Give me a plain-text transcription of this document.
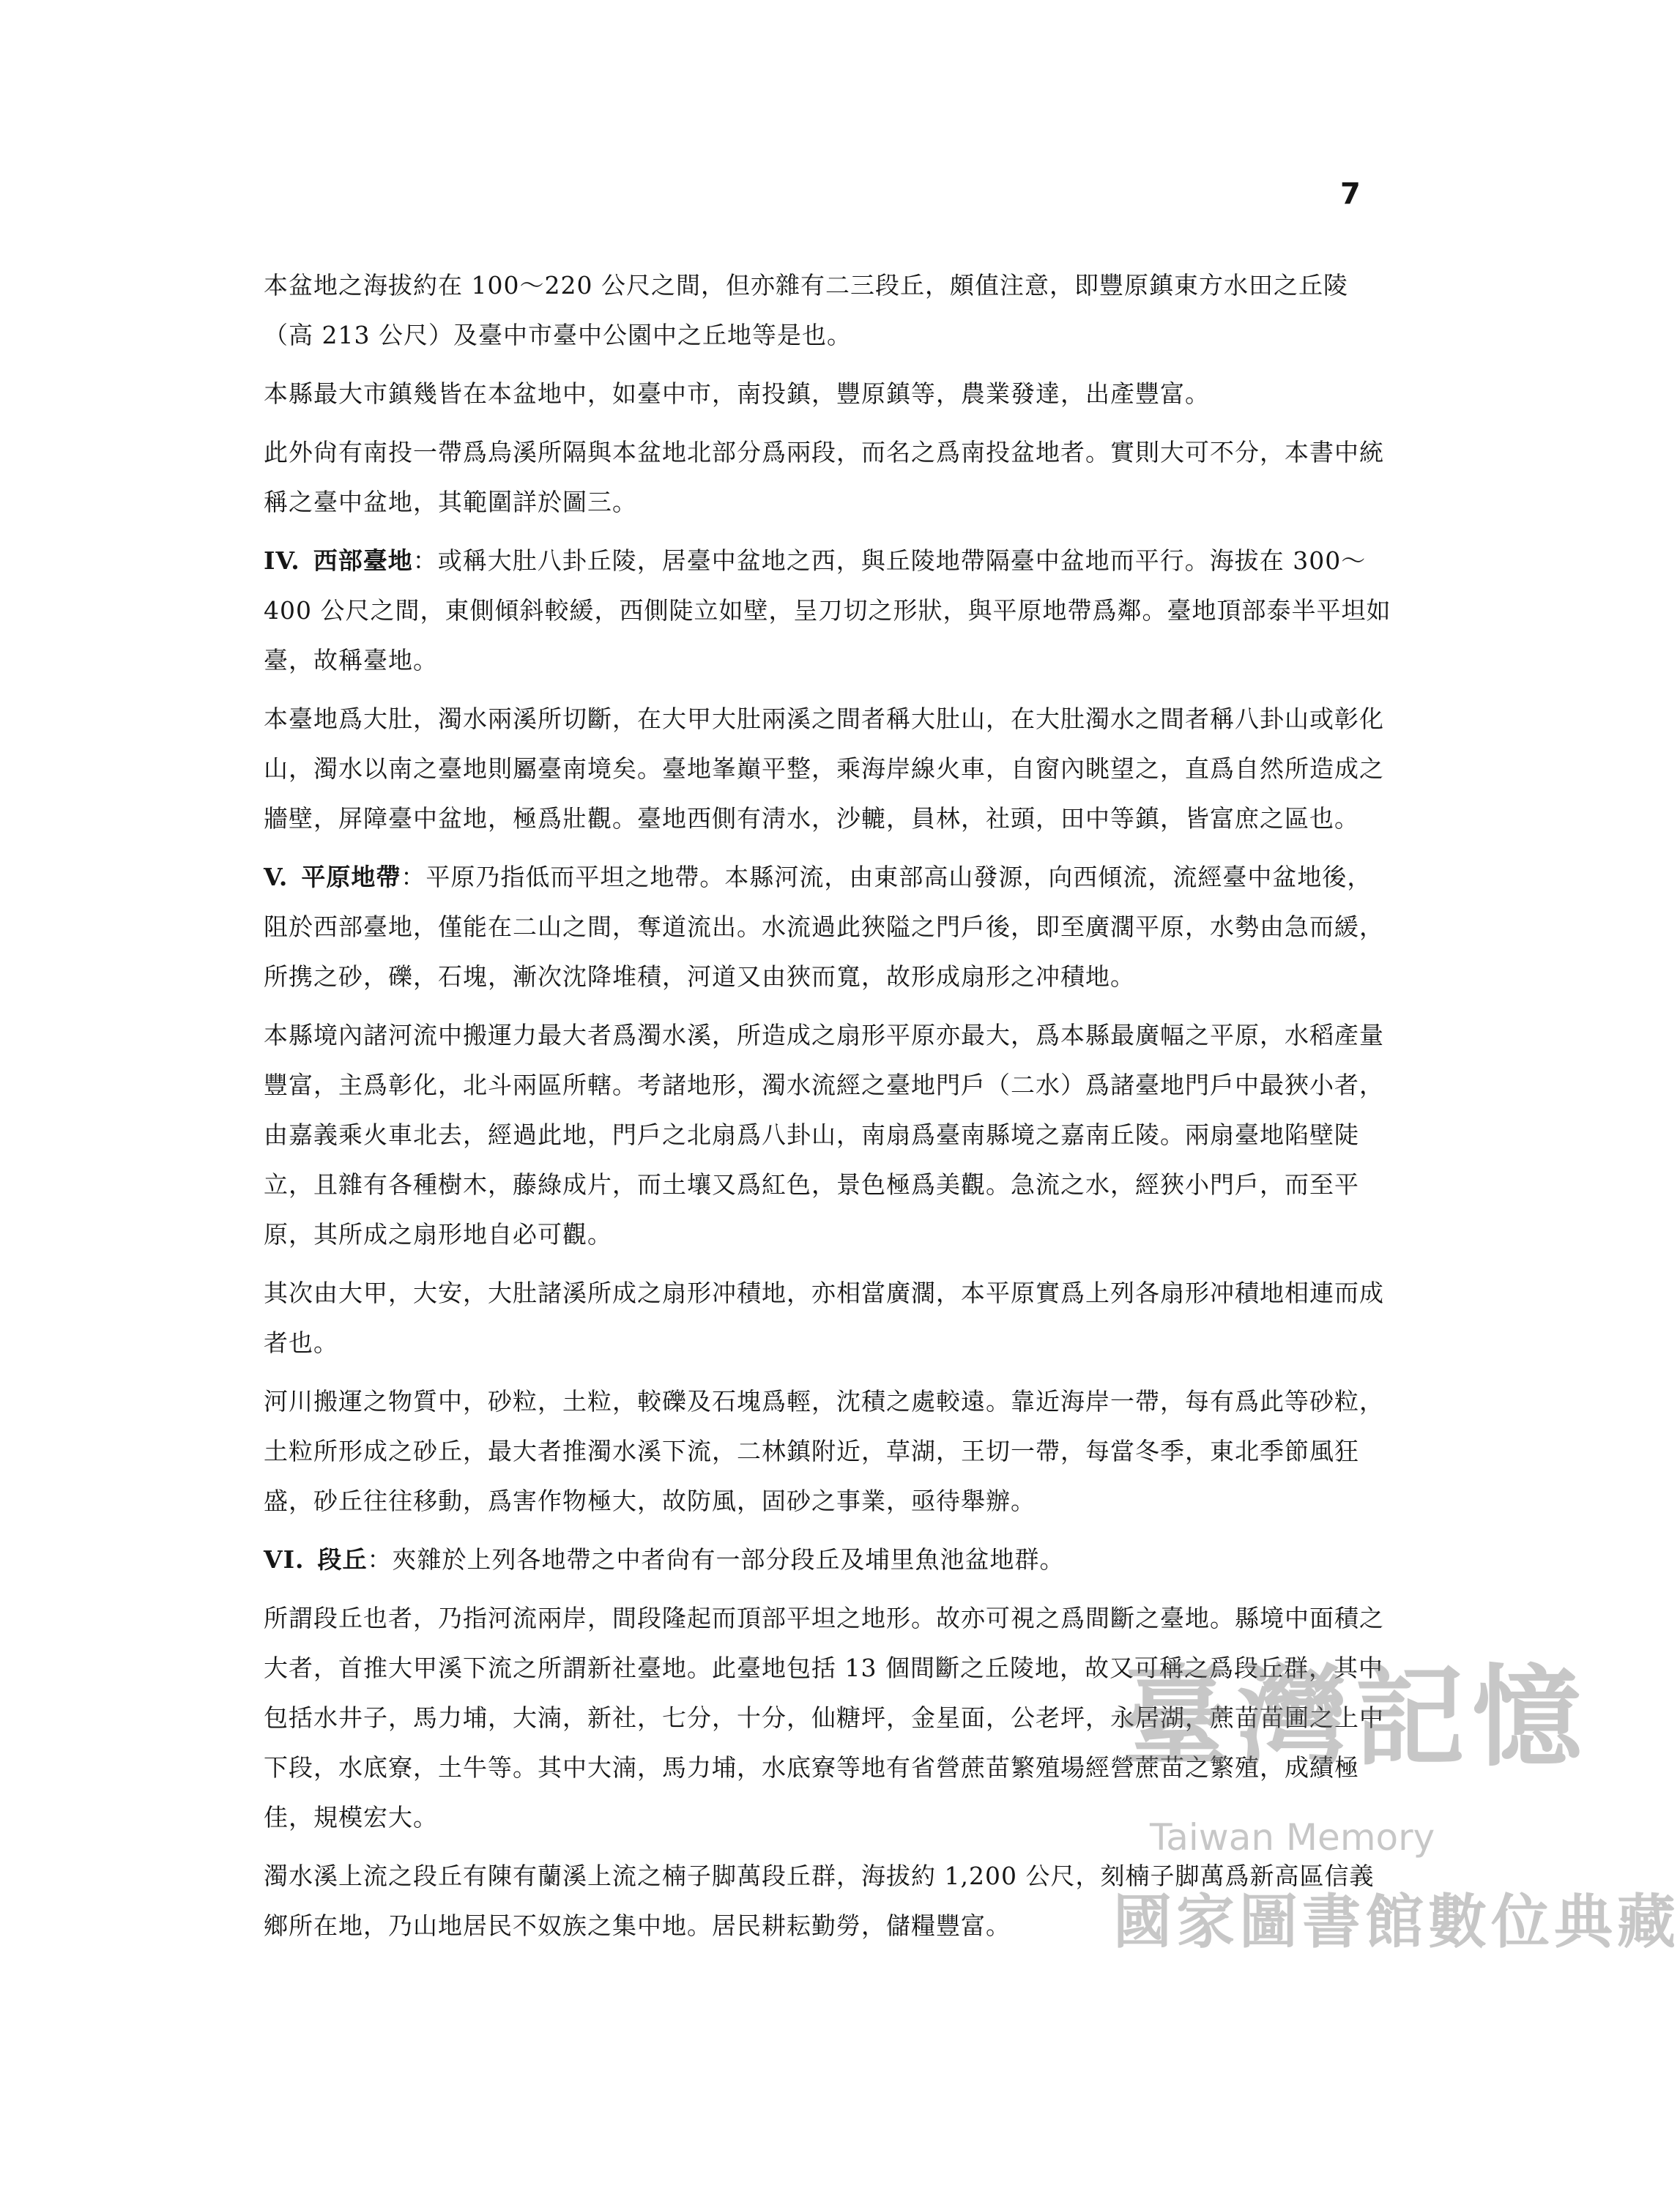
7

本盆地之海拔約在 100～220 公尺之間，但亦雜有二三段丘，頗值注意，即豐原鎮東方水田之丘陵（高 213 公尺）及臺中市臺中公園中之丘地等是也。

本縣最大市鎮幾皆在本盆地中，如臺中市，南投鎮，豐原鎮等，農業發達，出產豐富。

此外尙有南投一帶爲烏溪所隔與本盆地北部分爲兩段，而名之爲南投盆地者。實則大可不分，本書中統稱之臺中盆地，其範圍詳於圖三。

IV. 西部臺地：或稱大肚八卦丘陵，居臺中盆地之西，與丘陵地帶隔臺中盆地而平行。海拔在 300～400 公尺之間，東側傾斜較緩，西側陡立如壁，呈刀切之形狀，與平原地帶爲鄰。臺地頂部泰半平坦如臺，故稱臺地。

本臺地爲大肚，濁水兩溪所切斷，在大甲大肚兩溪之間者稱大肚山，在大肚濁水之間者稱八卦山或彰化山，濁水以南之臺地則屬臺南境矣。臺地峯巔平整，乘海岸線火車，自窗內眺望之，直爲自然所造成之牆壁，屏障臺中盆地，極爲壯觀。臺地西側有淸水，沙轆，員林，社頭，田中等鎮，皆富庶之區也。

V. 平原地帶：平原乃指低而平坦之地帶。本縣河流，由東部高山發源，向西傾流，流經臺中盆地後，阻於西部臺地，僅能在二山之間，奪道流出。水流過此狹隘之門戶後，即至廣濶平原，水勢由急而緩，所携之砂，礫，石塊，漸次沈降堆積，河道又由狹而寬，故形成扇形之冲積地。

本縣境內諸河流中搬運力最大者爲濁水溪，所造成之扇形平原亦最大，爲本縣最廣幅之平原，水稻產量豐富，主爲彰化，北斗兩區所轄。考諸地形，濁水流經之臺地門戶（二水）爲諸臺地門戶中最狹小者，由嘉義乘火車北去，經過此地，門戶之北扇爲八卦山，南扇爲臺南縣境之嘉南丘陵。兩扇臺地陷壁陡立，且雜有各種樹木，藤綠成片，而土壤又爲紅色，景色極爲美觀。急流之水，經狹小門戶，而至平原，其所成之扇形地自必可觀。

其次由大甲，大安，大肚諸溪所成之扇形冲積地，亦相當廣濶，本平原實爲上列各扇形冲積地相連而成者也。

河川搬運之物質中，砂粒，土粒，較礫及石塊爲輕，沈積之處較遠。靠近海岸一帶，每有爲此等砂粒，土粒所形成之砂丘，最大者推濁水溪下流，二林鎮附近，草湖，王切一帶，每當冬季，東北季節風狂盛，砂丘往往移動，爲害作物極大，故防風，固砂之事業，亟待舉辦。

VI. 段丘：夾雜於上列各地帶之中者尙有一部分段丘及埔里魚池盆地群。

所謂段丘也者，乃指河流兩岸，間段隆起而頂部平坦之地形。故亦可視之爲間斷之臺地。縣境中面積之大者，首推大甲溪下流之所謂新社臺地。此臺地包括 13 個間斷之丘陵地，故又可稱之爲段丘群，其中包括水井子，馬力埔，大湳，新社，七分，十分，仙糖坪，金星面，公老坪，永居湖，蔗苗苗圃之上中下段，水底寮，土牛等。其中大湳，馬力埔，水底寮等地有省營蔗苗繁殖場經營蔗苗之繁殖，成績極佳，規模宏大。

濁水溪上流之段丘有陳有蘭溪上流之楠子脚萬段丘群，海拔約 1,200 公尺，刻楠子脚萬爲新高區信義鄉所在地，乃山地居民不奴族之集中地。居民耕耘勤勞，儲糧豐富。

臺灣記憶
Taiwan Memory
國家圖書館數位典藏
